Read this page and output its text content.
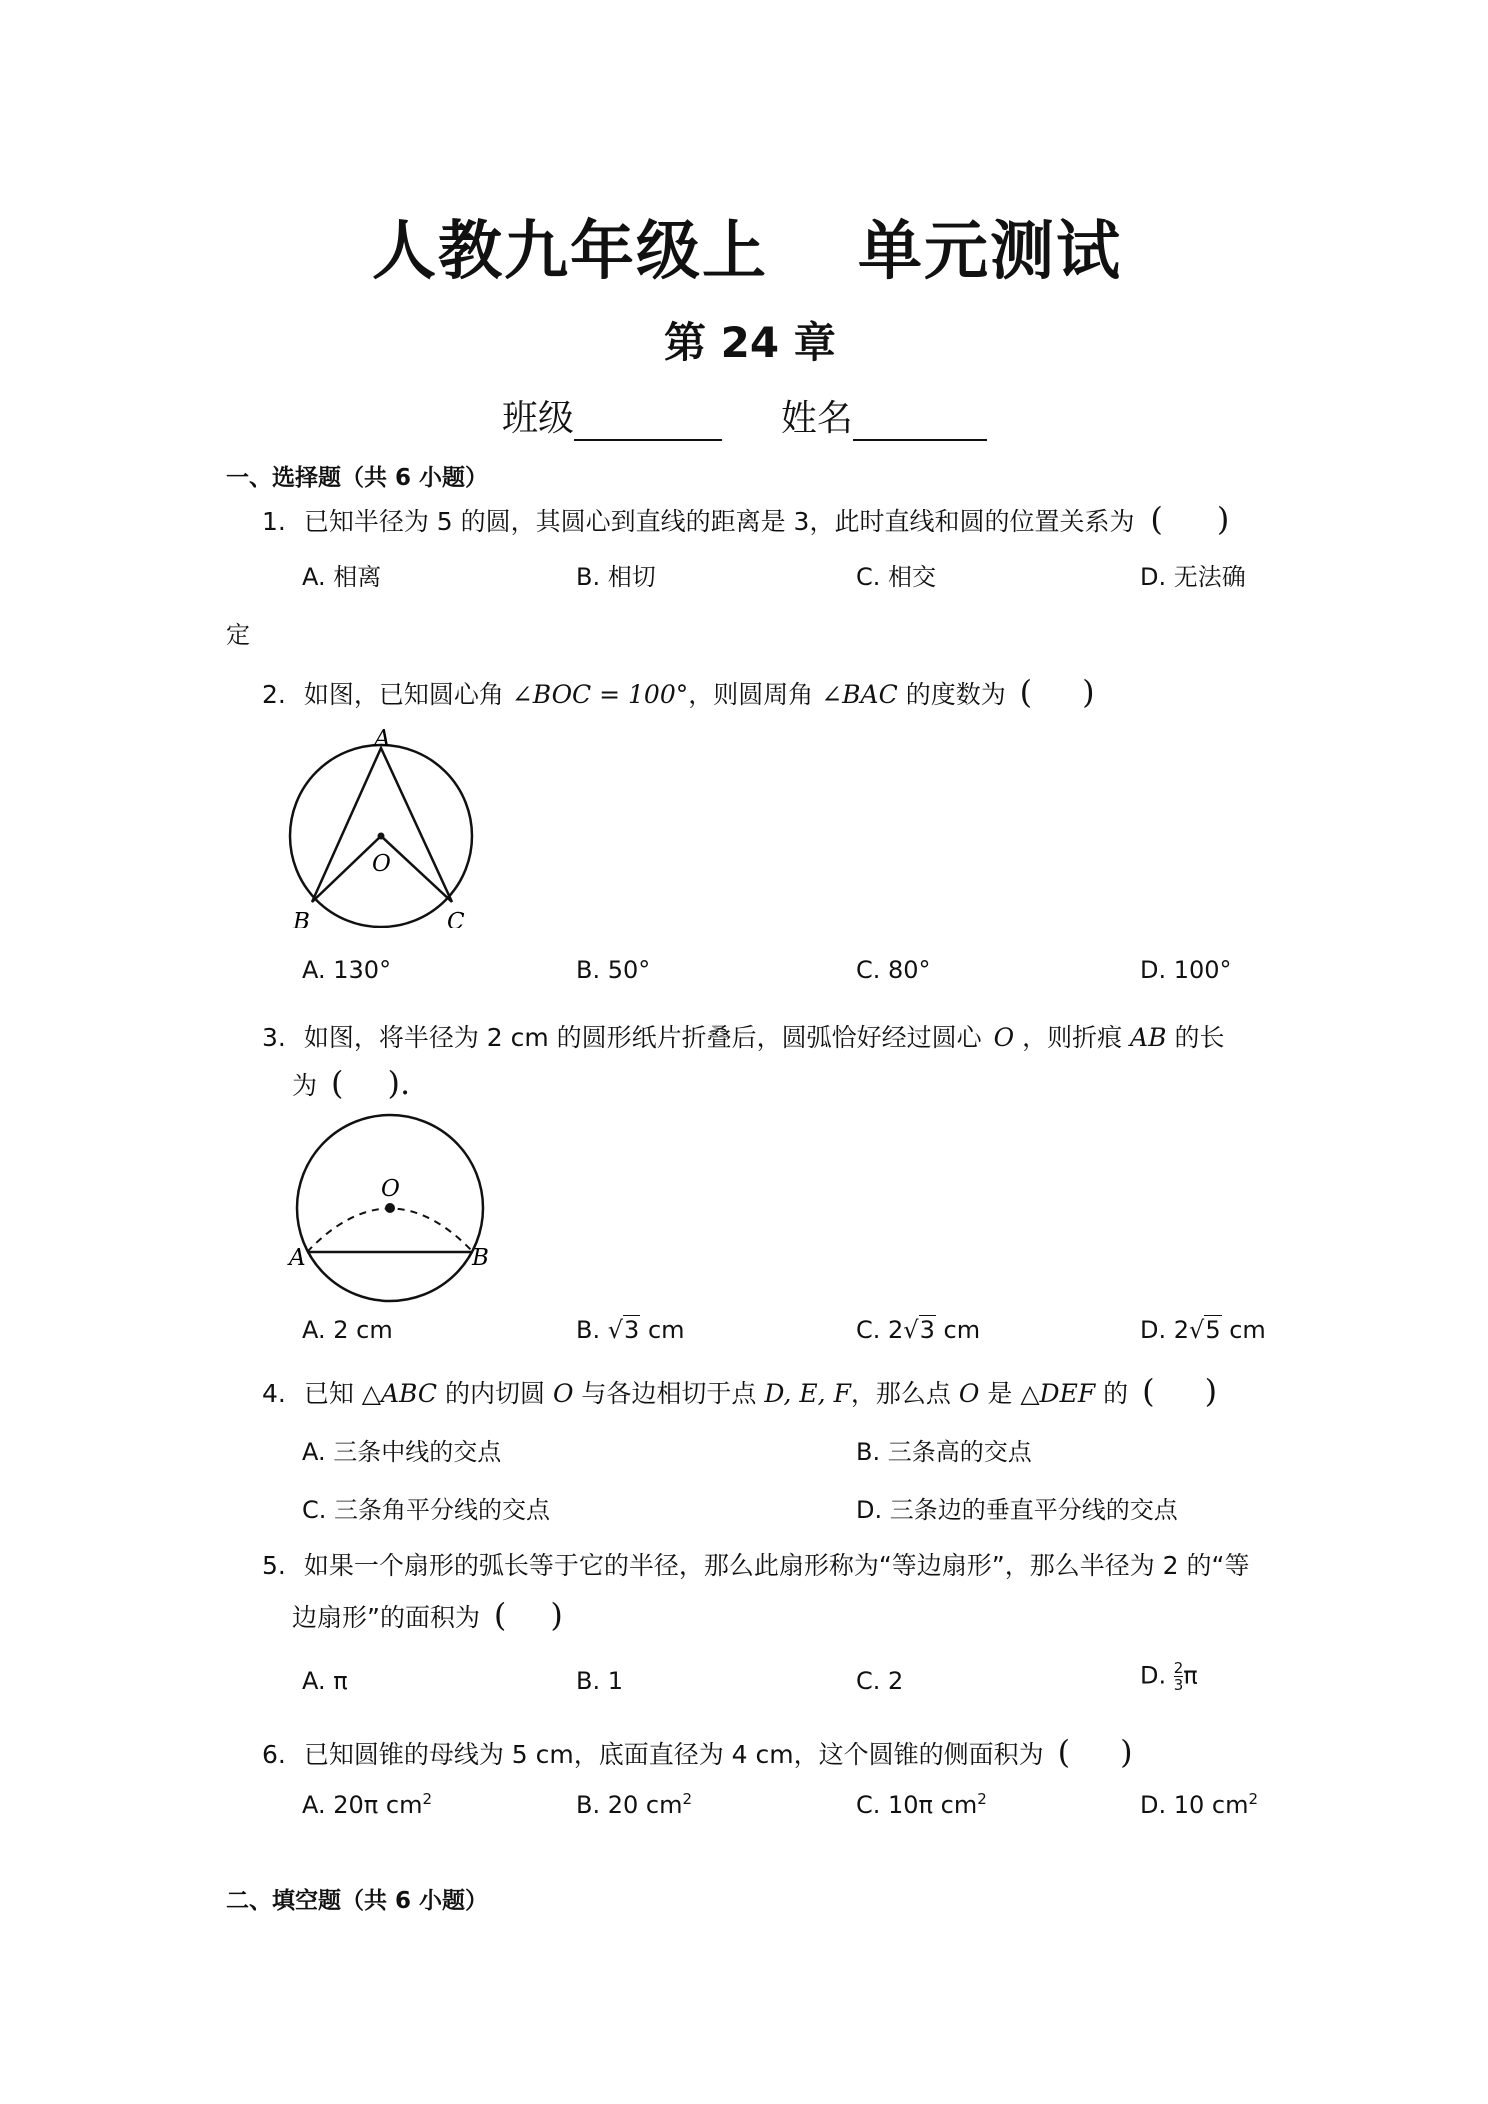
人教九年级上 单元测试
第 24 章
班级	姓名
一、选择题（共 6 小题）
1. 已知半径为 5 的圆，其圆心到直线的距离是 3，此时直线和圆的位置关系为 ( )
A. 相离	B. 相切	C. 相交	D. 无法确
定
2. 如图，已知圆心角 ∠BOC = 100°，则圆周角 ∠BAC 的度数为 ( )
A
O
B	C
A. 130°	B. 50°	C. 80°	D. 100°
3. 如图，将半径为 2 cm 的圆形纸片折叠后，圆弧恰好经过圆心 O ，则折痕 AB 的长
为 ( ).
O
A	B
A. 2 cm	B. √3 cm	C. 2√3 cm	D. 2√5 cm
4. 已知 △ABC 的内切圆 O 与各边相切于点 D, E, F，那么点 O 是 △DEF 的 ( )
A. 三条中线的交点	B. 三条高的交点
C. 三条角平分线的交点	D. 三条边的垂直平分线的交点
5. 如果一个扇形的弧长等于它的半径，那么此扇形称为“等边扇形”，那么半径为 2 的“等
边扇形”的面积为 ( )
A. π	B. 1	C. 2	D. $\frac{2}{3}$ π
6. 已知圆锥的母线为 5 cm，底面直径为 4 cm，这个圆锥的侧面积为 ( )
A. 20π $cm^2$	B. 20 $cm^2$	C. 10π $cm^2$	D. 10 $cm^2$
二、填空题（共 6 小题）
